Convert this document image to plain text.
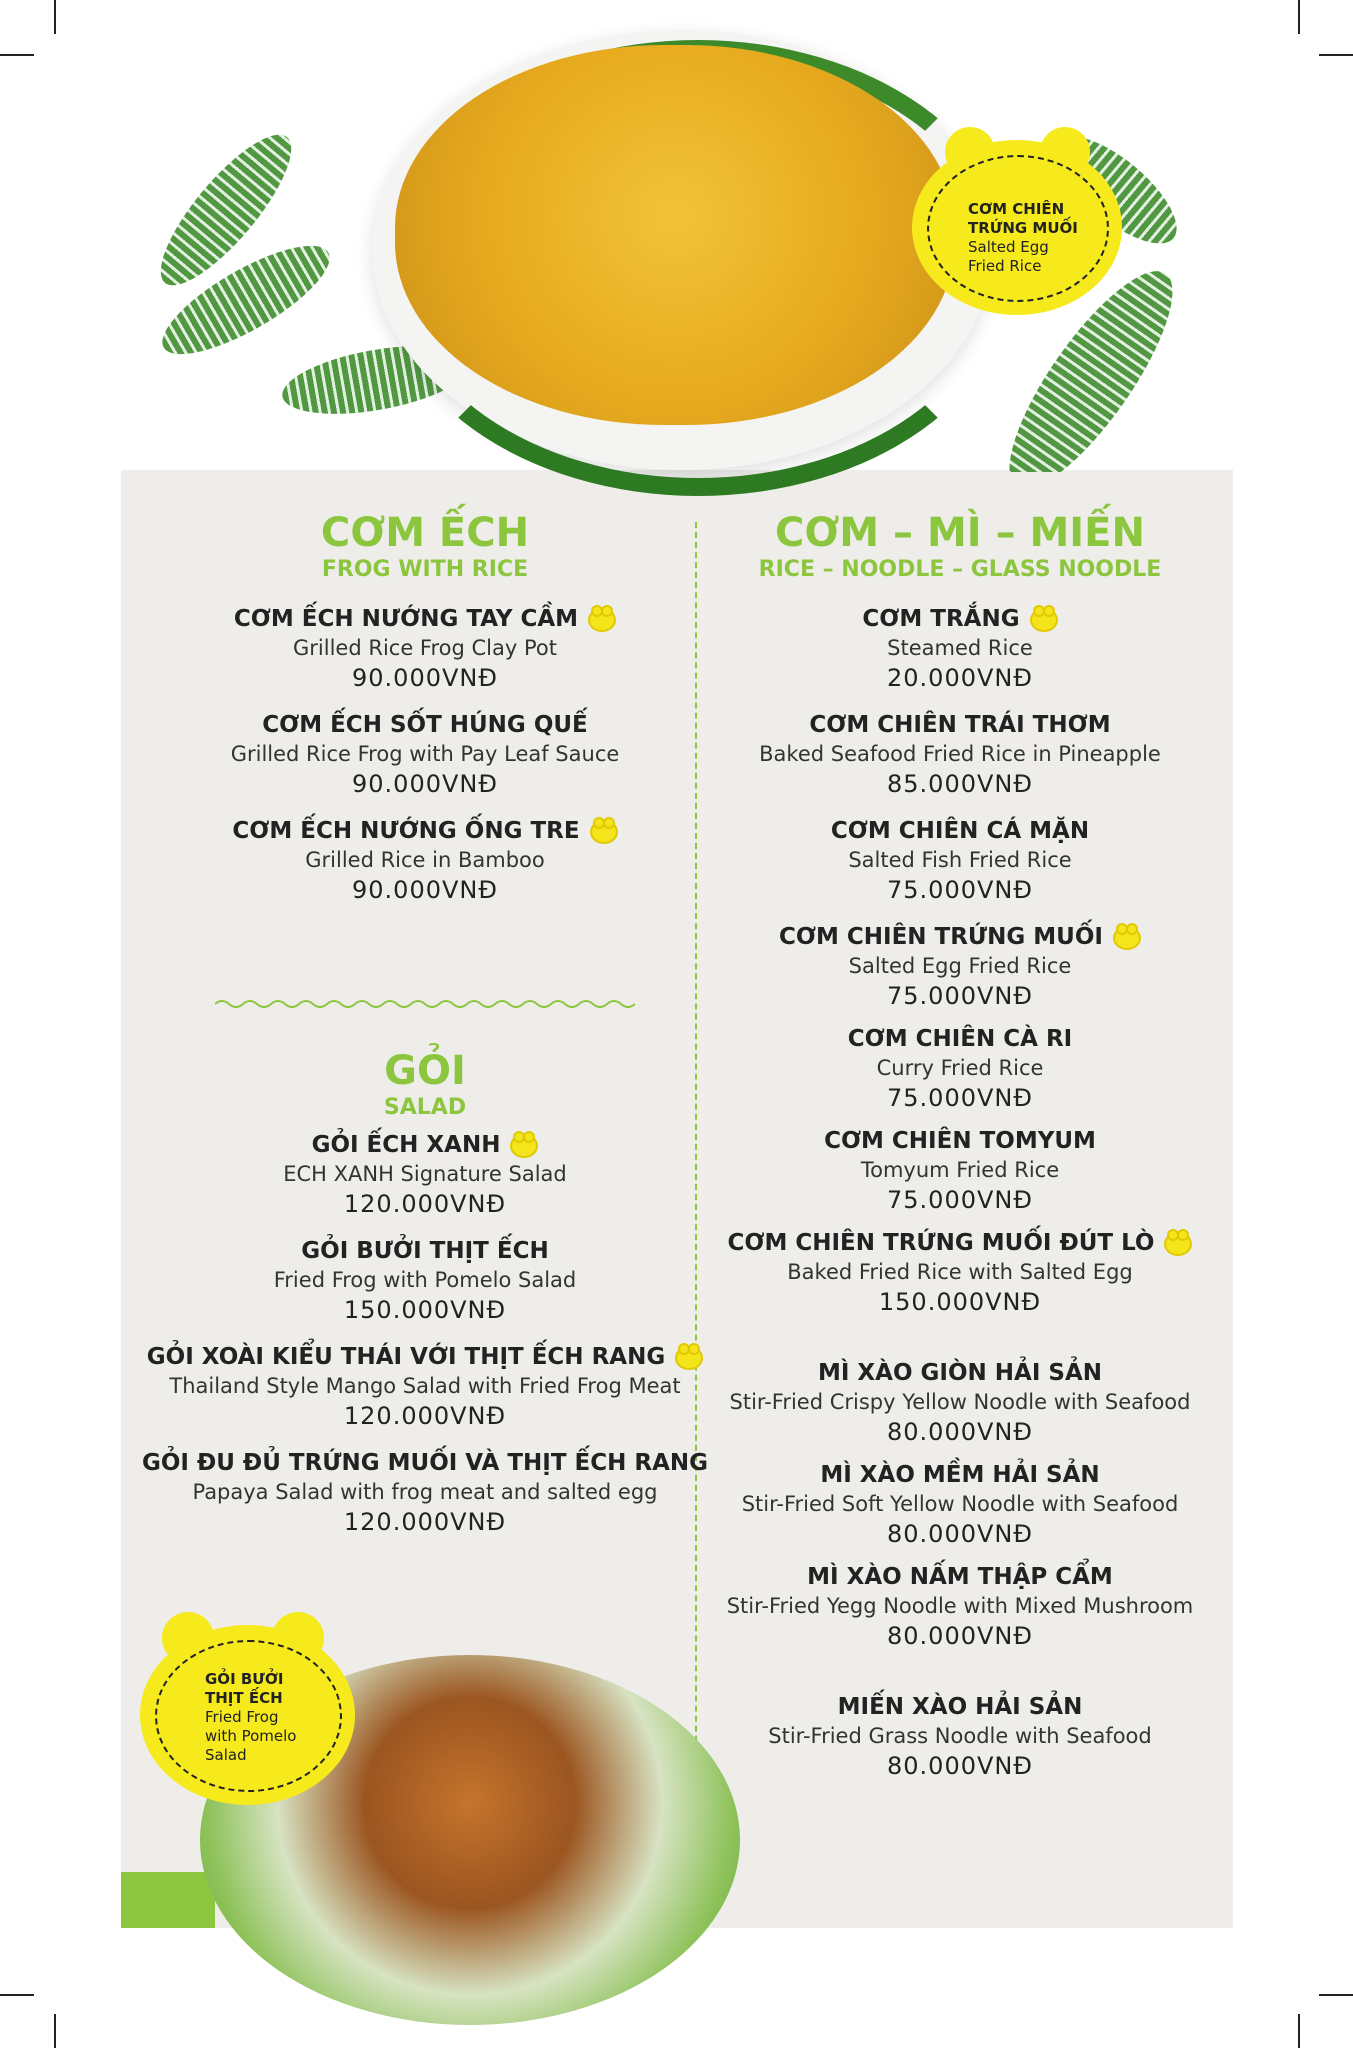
CƠM CHIÊN
TRỨNG MUỐI
Salted Egg
Fried Rice
CƠM ẾCH
FROG WITH RICE
CƠM ẾCH NƯỚNG TAY CẦM
Grilled Rice Frog Clay Pot
90.000VNĐ
CƠM ẾCH SỐT HÚNG QUẾ
Grilled Rice Frog with Pay Leaf Sauce
90.000VNĐ
CƠM ẾCH NƯỚNG ỐNG TRE
Grilled Rice in Bamboo
90.000VNĐ
GỎI
SALAD
GỎI ẾCH XANH
ECH XANH Signature Salad
120.000VNĐ
GỎI BƯỞI THỊT ẾCH
Fried Frog with Pomelo Salad
150.000VNĐ
GỎI XOÀI KIỂU THÁI VỚI THỊT ẾCH RANG
Thailand Style Mango Salad with Fried Frog Meat
120.000VNĐ
GỎI ĐU ĐỦ TRỨNG MUỐI VÀ THỊT ẾCH RANG
Papaya Salad with frog meat and salted egg
120.000VNĐ
GỎI BƯỞI
THỊT ẾCH
Fried Frog
with Pomelo
Salad
CƠM – MÌ – MIẾN
RICE – NOODLE – GLASS NOODLE
CƠM TRẮNG
Steamed Rice
20.000VNĐ
CƠM CHIÊN TRÁI THƠM
Baked Seafood Fried Rice in Pineapple
85.000VNĐ
CƠM CHIÊN CÁ MẶN
Salted Fish Fried Rice
75.000VNĐ
CƠM CHIÊN TRỨNG MUỐI
Salted Egg Fried Rice
75.000VNĐ
CƠM CHIÊN CÀ RI
Curry Fried Rice
75.000VNĐ
CƠM CHIÊN TOMYUM
Tomyum Fried Rice
75.000VNĐ
CƠM CHIÊN TRỨNG MUỐI ĐÚT LÒ
Baked Fried Rice with Salted Egg
150.000VNĐ
MÌ XÀO GIÒN HẢI SẢN
Stir-Fried Crispy Yellow Noodle with Seafood
80.000VNĐ
MÌ XÀO MỀM HẢI SẢN
Stir-Fried Soft Yellow Noodle with Seafood
80.000VNĐ
MÌ XÀO NẤM THẬP CẨM
Stir-Fried Yegg Noodle with Mixed Mushroom
80.000VNĐ
MIẾN XÀO HẢI SẢN
Stir-Fried Grass Noodle with Seafood
80.000VNĐ
